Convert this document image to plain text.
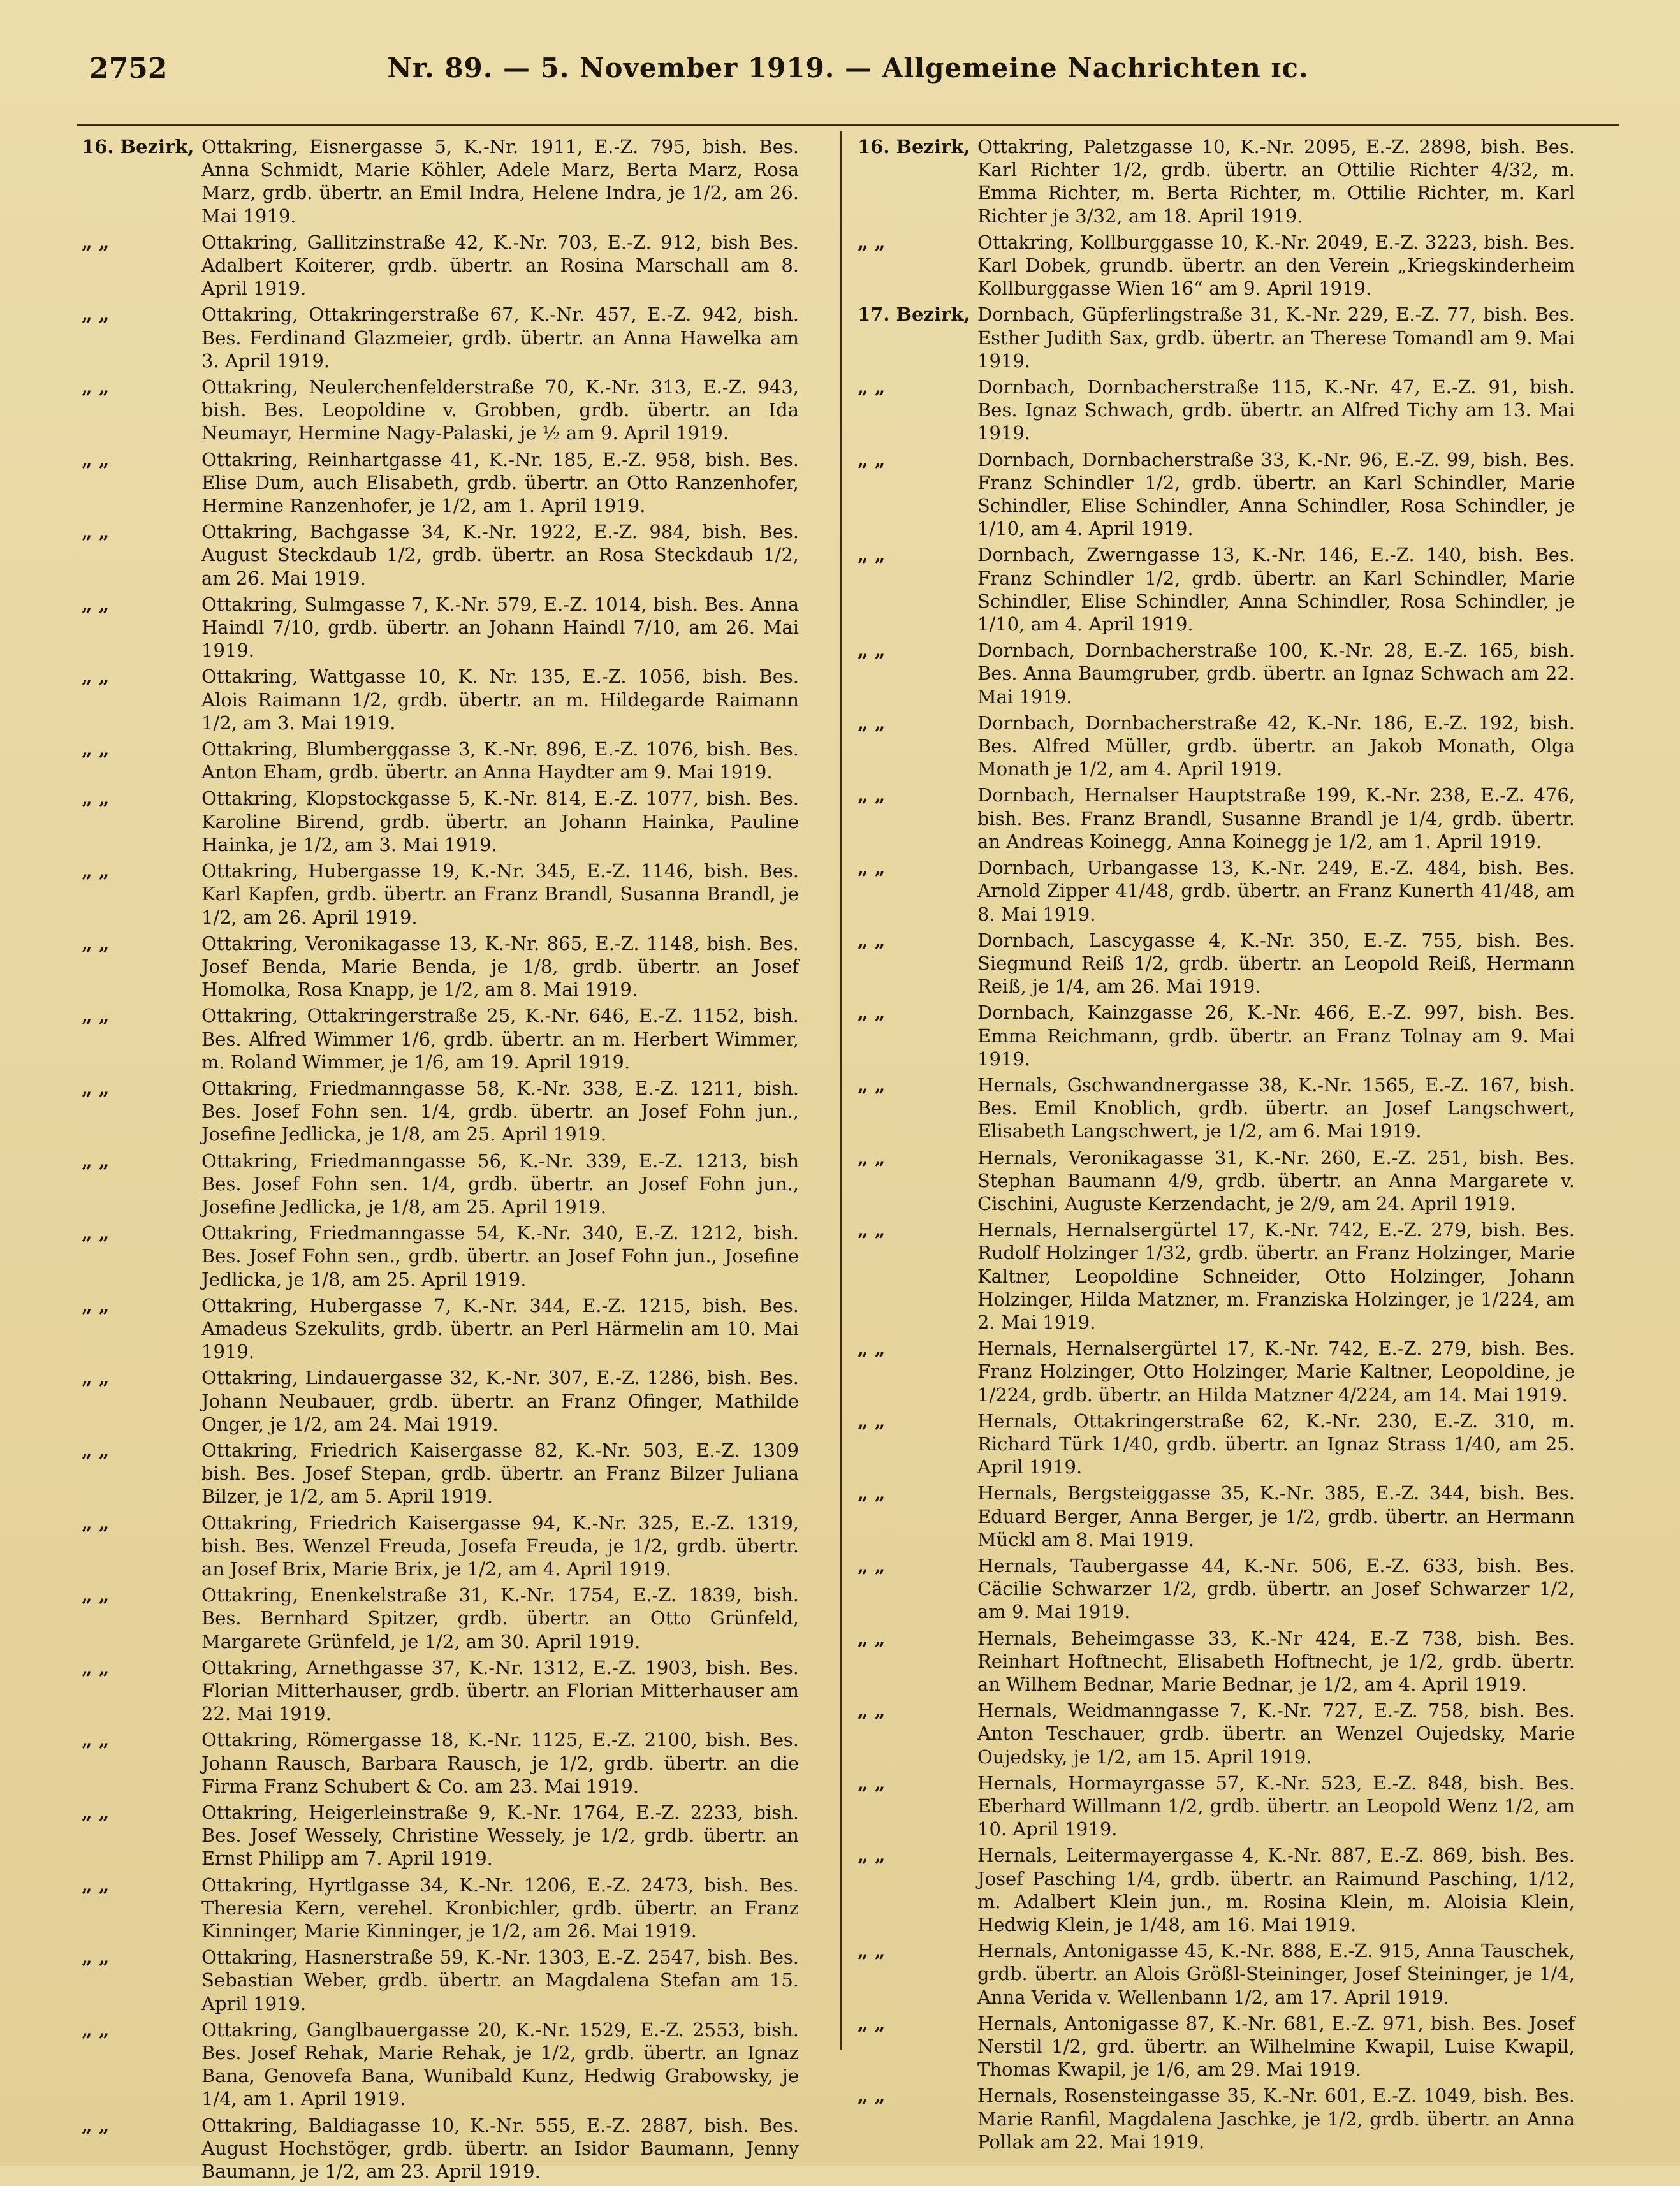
2752	Nr. 89. — 5. November 1919. — Allgemeine Nachrichten ɪc.
16. Bezirk, Ottakring, Eisnergasse 5, K.-Nr. 1911, E.-Z. 795, bish. Bes. Anna Schmidt, Marie Köhler, Adele Marz, Berta Marz, Rosa Marz, grdb. übertr. an Emil Indra, Helene Indra, je 1/2, am 26. Mai 1919.
„ „	Ottakring, Gallitzinstraße 42, K.-Nr. 703, E.-Z. 912, bish Bes. Adalbert Koiterer, grdb. übertr. an Rosina Marschall am 8. April 1919.
„ „	Ottakring, Ottakringerstraße 67, K.-Nr. 457, E.-Z. 942, bish. Bes. Ferdinand Glazmeier, grdb. übertr. an Anna Hawelka am 3. April 1919.
„ „	Ottakring, Neulerchenfelderstraße 70, K.-Nr. 313, E.-Z. 943, bish. Bes. Leopoldine v. Grobben, grdb. übertr. an Ida Neumayr, Hermine Nagy-Palaski, je ½ am 9. April 1919.
„ „	Ottakring, Reinhartgasse 41, K.-Nr. 185, E.-Z. 958, bish. Bes. Elise Dum, auch Elisabeth, grdb. übertr. an Otto Ranzenhofer, Hermine Ranzenhofer, je 1/2, am 1. April 1919.
„ „	Ottakring, Bachgasse 34, K.-Nr. 1922, E.-Z. 984, bish. Bes. August Steckdaub 1/2, grdb. übertr. an Rosa Steckdaub 1/2, am 26. Mai 1919.
„ „	Ottakring, Sulmgasse 7, K.-Nr. 579, E.-Z. 1014, bish. Bes. Anna Haindl 7/10, grdb. übertr. an Johann Haindl 7/10, am 26. Mai 1919.
„ „	Ottakring, Wattgasse 10, K. Nr. 135, E.-Z. 1056, bish. Bes. Alois Raimann 1/2, grdb. übertr. an m. Hildegarde Raimann 1/2, am 3. Mai 1919.
„ „	Ottakring, Blumberggasse 3, K.-Nr. 896, E.-Z. 1076, bish. Bes. Anton Eham, grdb. übertr. an Anna Haydter am 9. Mai 1919.
„ „	Ottakring, Klopstockgasse 5, K.-Nr. 814, E.-Z. 1077, bish. Bes. Karoline Birend, grdb. übertr. an Johann Hainka, Pauline Hainka, je 1/2, am 3. Mai 1919.
„ „	Ottakring, Hubergasse 19, K.-Nr. 345, E.-Z. 1146, bish. Bes. Karl Kapfen, grdb. übertr. an Franz Brandl, Susanna Brandl, je 1/2, am 26. April 1919.
„ „	Ottakring, Veronikagasse 13, K.-Nr. 865, E.-Z. 1148, bish. Bes. Josef Benda, Marie Benda, je 1/8, grdb. übertr. an Josef Homolka, Rosa Knapp, je 1/2, am 8. Mai 1919.
„ „	Ottakring, Ottakringerstraße 25, K.-Nr. 646, E.-Z. 1152, bish. Bes. Alfred Wimmer 1/6, grdb. übertr. an m. Herbert Wimmer, m. Roland Wimmer, je 1/6, am 19. April 1919.
„ „	Ottakring, Friedmanngasse 58, K.-Nr. 338, E.-Z. 1211, bish. Bes. Josef Fohn sen. 1/4, grdb. übertr. an Josef Fohn jun., Josefine Jedlicka, je 1/8, am 25. April 1919.
„ „	Ottakring, Friedmanngasse 56, K.-Nr. 339, E.-Z. 1213, bish Bes. Josef Fohn sen. 1/4, grdb. übertr. an Josef Fohn jun., Josefine Jedlicka, je 1/8, am 25. April 1919.
„ „	Ottakring, Friedmanngasse 54, K.-Nr. 340, E.-Z. 1212, bish. Bes. Josef Fohn sen., grdb. übertr. an Josef Fohn jun., Josefine Jedlicka, je 1/8, am 25. April 1919.
„ „	Ottakring, Hubergasse 7, K.-Nr. 344, E.-Z. 1215, bish. Bes. Amadeus Szekulits, grdb. übertr. an Perl Härmelin am 10. Mai 1919.
„ „	Ottakring, Lindauergasse 32, K.-Nr. 307, E.-Z. 1286, bish. Bes. Johann Neubauer, grdb. übertr. an Franz Ofinger, Mathilde Onger, je 1/2, am 24. Mai 1919.
„ „	Ottakring, Friedrich Kaisergasse 82, K.-Nr. 503, E.-Z. 1309 bish. Bes. Josef Stepan, grdb. übertr. an Franz Bilzer Juliana Bilzer, je 1/2, am 5. April 1919.
„ „	Ottakring, Friedrich Kaisergasse 94, K.-Nr. 325, E.-Z. 1319, bish. Bes. Wenzel Freuda, Josefa Freuda, je 1/2, grdb. übertr. an Josef Brix, Marie Brix, je 1/2, am 4. April 1919.
„ „	Ottakring, Enenkelstraße 31, K.-Nr. 1754, E.-Z. 1839, bish. Bes. Bernhard Spitzer, grdb. übertr. an Otto Grünfeld, Margarete Grünfeld, je 1/2, am 30. April 1919.
„ „	Ottakring, Arnethgasse 37, K.-Nr. 1312, E.-Z. 1903, bish. Bes. Florian Mitterhauser, grdb. übertr. an Florian Mitterhauser am 22. Mai 1919.
„ „	Ottakring, Römergasse 18, K.-Nr. 1125, E.-Z. 2100, bish. Bes. Johann Rausch, Barbara Rausch, je 1/2, grdb. übertr. an die Firma Franz Schubert & Co. am 23. Mai 1919.
„ „	Ottakring, Heigerleinstraße 9, K.-Nr. 1764, E.-Z. 2233, bish. Bes. Josef Wessely, Christine Wessely, je 1/2, grdb. übertr. an Ernst Philipp am 7. April 1919.
„ „	Ottakring, Hyrtlgasse 34, K.-Nr. 1206, E.-Z. 2473, bish. Bes. Theresia Kern, verehel. Kronbichler, grdb. übertr. an Franz Kinninger, Marie Kinninger, je 1/2, am 26. Mai 1919.
„ „	Ottakring, Hasnerstraße 59, K.-Nr. 1303, E.-Z. 2547, bish. Bes. Sebastian Weber, grdb. übertr. an Magdalena Stefan am 15. April 1919.
„ „	Ottakring, Ganglbauergasse 20, K.-Nr. 1529, E.-Z. 2553, bish. Bes. Josef Rehak, Marie Rehak, je 1/2, grdb. übertr. an Ignaz Bana, Genovefa Bana, Wunibald Kunz, Hedwig Grabowsky, je 1/4, am 1. April 1919.
„ „	Ottakring, Baldiagasse 10, K.-Nr. 555, E.-Z. 2887, bish. Bes. August Hochstöger, grdb. übertr. an Isidor Baumann, Jenny Baumann, je 1/2, am 23. April 1919.
16. Bezirk, Ottakring, Paletzgasse 10, K.-Nr. 2095, E.-Z. 2898, bish. Bes. Karl Richter 1/2, grdb. übertr. an Ottilie Richter 4/32, m. Emma Richter, m. Berta Richter, m. Ottilie Richter, m. Karl Richter je 3/32, am 18. April 1919.
„ „	Ottakring, Kollburggasse 10, K.-Nr. 2049, E.-Z. 3223, bish. Bes. Karl Dobek, grundb. übertr. an den Verein „Kriegskinderheim Kollburggasse Wien 16“ am 9. April 1919.
17. Bezirk, Dornbach, Güpferlingstraße 31, K.-Nr. 229, E.-Z. 77, bish. Bes. Esther Judith Sax, grdb. übertr. an Therese Tomandl am 9. Mai 1919.
„ „	Dornbach, Dornbacherstraße 115, K.-Nr. 47, E.-Z. 91, bish. Bes. Ignaz Schwach, grdb. übertr. an Alfred Tichy am 13. Mai 1919.
„ „	Dornbach, Dornbacherstraße 33, K.-Nr. 96, E.-Z. 99, bish. Bes. Franz Schindler 1/2, grdb. übertr. an Karl Schindler, Marie Schindler, Elise Schindler, Anna Schindler, Rosa Schindler, je 1/10, am 4. April 1919.
„ „	Dornbach, Zwerngasse 13, K.-Nr. 146, E.-Z. 140, bish. Bes. Franz Schindler 1/2, grdb. übertr. an Karl Schindler, Marie Schindler, Elise Schindler, Anna Schindler, Rosa Schindler, je 1/10, am 4. April 1919.
„ „	Dornbach, Dornbacherstraße 100, K.-Nr. 28, E.-Z. 165, bish. Bes. Anna Baumgruber, grdb. übertr. an Ignaz Schwach am 22. Mai 1919.
„ „	Dornbach, Dornbacherstraße 42, K.-Nr. 186, E.-Z. 192, bish. Bes. Alfred Müller, grdb. übertr. an Jakob Monath, Olga Monath je 1/2, am 4. April 1919.
„ „	Dornbach, Hernalser Hauptstraße 199, K.-Nr. 238, E.-Z. 476, bish. Bes. Franz Brandl, Susanne Brandl je 1/4, grdb. übertr. an Andreas Koinegg, Anna Koinegg je 1/2, am 1. April 1919.
„ „	Dornbach, Urbangasse 13, K.-Nr. 249, E.-Z. 484, bish. Bes. Arnold Zipper 41/48, grdb. übertr. an Franz Kunerth 41/48, am 8. Mai 1919.
„ „	Dornbach, Lascygasse 4, K.-Nr. 350, E.-Z. 755, bish. Bes. Siegmund Reiß 1/2, grdb. übertr. an Leopold Reiß, Hermann Reiß, je 1/4, am 26. Mai 1919.
„ „	Dornbach, Kainzgasse 26, K.-Nr. 466, E.-Z. 997, bish. Bes. Emma Reichmann, grdb. übertr. an Franz Tolnay am 9. Mai 1919.
„ „	Hernals, Gschwandnergasse 38, K.-Nr. 1565, E.-Z. 167, bish. Bes. Emil Knoblich, grdb. übertr. an Josef Langschwert, Elisabeth Langschwert, je 1/2, am 6. Mai 1919.
„ „	Hernals, Veronikagasse 31, K.-Nr. 260, E.-Z. 251, bish. Bes. Stephan Baumann 4/9, grdb. übertr. an Anna Margarete v. Cischini, Auguste Kerzendacht, je 2/9, am 24. April 1919.
„ „	Hernals, Hernalsergürtel 17, K.-Nr. 742, E.-Z. 279, bish. Bes. Rudolf Holzinger 1/32, grdb. übertr. an Franz Holzinger, Marie Kaltner, Leopoldine Schneider, Otto Holzinger, Johann Holzinger, Hilda Matzner, m. Franziska Holzinger, je 1/224, am 2. Mai 1919.
„ „	Hernals, Hernalsergürtel 17, K.-Nr. 742, E.-Z. 279, bish. Bes. Franz Holzinger, Otto Holzinger, Marie Kaltner, Leopoldine, je 1/224, grdb. übertr. an Hilda Matzner 4/224, am 14. Mai 1919.
„ „	Hernals, Ottakringerstraße 62, K.-Nr. 230, E.-Z. 310, m. Richard Türk 1/40, grdb. übertr. an Ignaz Strass 1/40, am 25. April 1919.
„ „	Hernals, Bergsteiggasse 35, K.-Nr. 385, E.-Z. 344, bish. Bes. Eduard Berger, Anna Berger, je 1/2, grdb. übertr. an Hermann Mückl am 8. Mai 1919.
„ „	Hernals, Taubergasse 44, K.-Nr. 506, E.-Z. 633, bish. Bes. Cäcilie Schwarzer 1/2, grdb. übertr. an Josef Schwarzer 1/2, am 9. Mai 1919.
„ „	Hernals, Beheimgasse 33, K.-Nr 424, E.-Z 738, bish. Bes. Reinhart Hoftnecht, Elisabeth Hoftnecht, je 1/2, grdb. übertr. an Wilhem Bednar, Marie Bednar, je 1/2, am 4. April 1919.
„ „	Hernals, Weidmanngasse 7, K.-Nr. 727, E.-Z. 758, bish. Bes. Anton Teschauer, grdb. übertr. an Wenzel Oujedsky, Marie Oujedsky, je 1/2, am 15. April 1919.
„ „	Hernals, Hormayrgasse 57, K.-Nr. 523, E.-Z. 848, bish. Bes. Eberhard Willmann 1/2, grdb. übertr. an Leopold Wenz 1/2, am 10. April 1919.
„ „	Hernals, Leitermayergasse 4, K.-Nr. 887, E.-Z. 869, bish. Bes. Josef Pasching 1/4, grdb. übertr. an Raimund Pasching, 1/12, m. Adalbert Klein jun., m. Rosina Klein, m. Aloisia Klein, Hedwig Klein, je 1/48, am 16. Mai 1919.
„ „	Hernals, Antonigasse 45, K.-Nr. 888, E.-Z. 915, Anna Tauschek, grdb. übertr. an Alois Größl-Steininger, Josef Steininger, je 1/4, Anna Verida v. Wellenbann 1/2, am 17. April 1919.
„ „	Hernals, Antonigasse 87, K.-Nr. 681, E.-Z. 971, bish. Bes. Josef Nerstil 1/2, grd. übertr. an Wilhelmine Kwapil, Luise Kwapil, Thomas Kwapil, je 1/6, am 29. Mai 1919.
„ „	Hernals, Rosensteingasse 35, K.-Nr. 601, E.-Z. 1049, bish. Bes. Marie Ranfil, Magdalena Jaschke, je 1/2, grdb. übertr. an Anna Pollak am 22. Mai 1919.
